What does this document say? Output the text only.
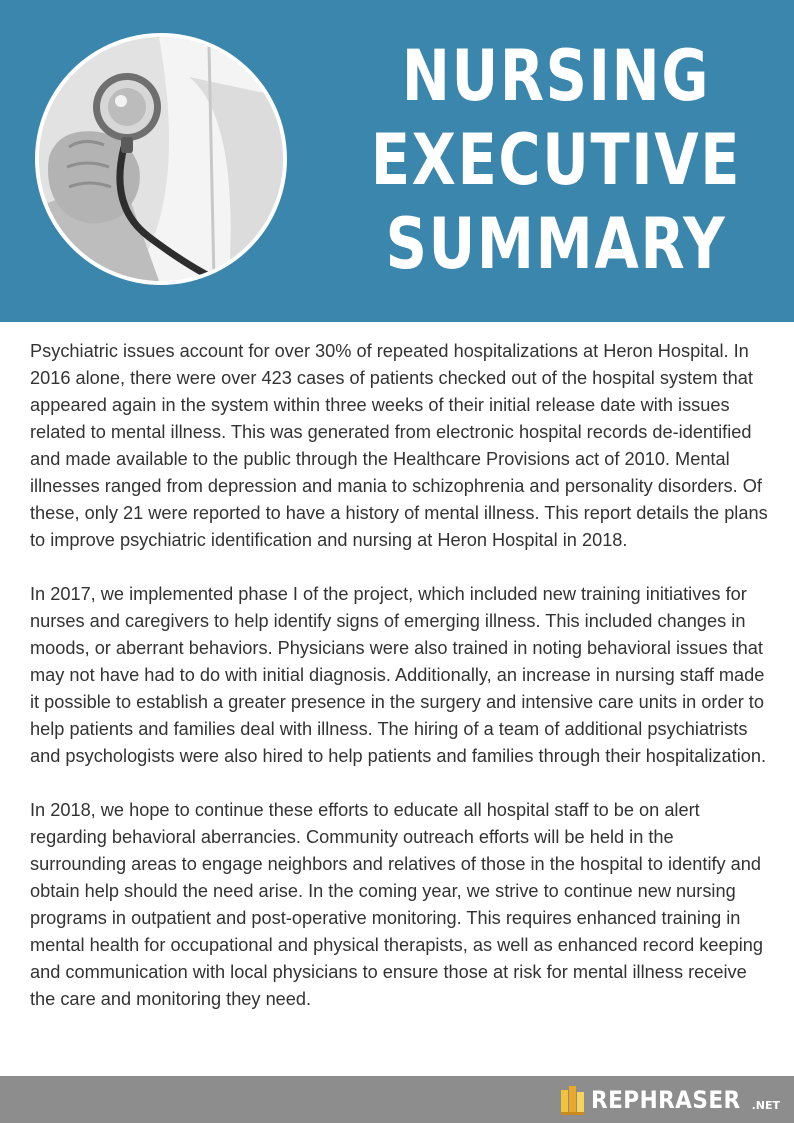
NURSING
EXECUTIVE
SUMMARY

Psychiatric issues account for over 30% of repeated hospitalizations at Heron Hospital. In 2016 alone, there were over 423 cases of patients checked out of the hospital system that appeared again in the system within three weeks of their initial release date with issues related to mental illness. This was generated from electronic hospital records de-identified and made available to the public through the Healthcare Provisions act of 2010. Mental illnesses ranged from depression and mania to schizophrenia and personality disorders. Of these, only 21 were reported to have a history of mental illness. This report details the plans to improve psychiatric identification and nursing at Heron Hospital in 2018.

In 2017, we implemented phase I of the project, which included new training initiatives for nurses and caregivers to help identify signs of emerging illness. This included changes in moods, or aberrant behaviors. Physicians were also trained in noting behavioral issues that may not have had to do with initial diagnosis. Additionally, an increase in nursing staff made it possible to establish a greater presence in the surgery and intensive care units in order to help patients and families deal with illness. The hiring of a team of additional psychiatrists and psychologists were also hired to help patients and families through their hospitalization.

In 2018, we hope to continue these efforts to educate all hospital staff to be on alert regarding behavioral aberrancies. Community outreach efforts will be held in the surrounding areas to engage neighbors and relatives of those in the hospital to identify and obtain help should the need arise. In the coming year, we strive to continue new nursing programs in outpatient and post-operative monitoring. This requires enhanced training in mental health for occupational and physical therapists, as well as enhanced record keeping and communication with local physicians to ensure those at risk for mental illness receive the care and monitoring they need.

REPHRASER .NET
